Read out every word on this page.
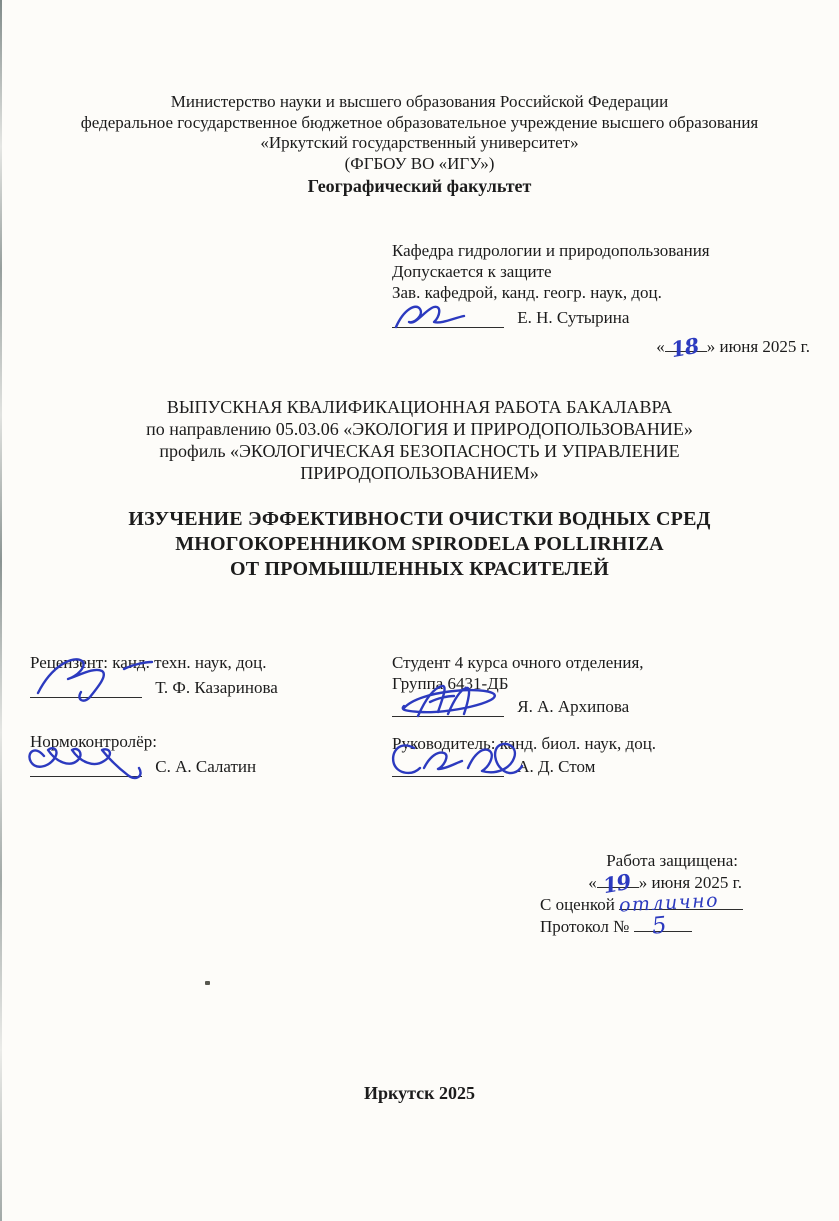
Министерство науки и высшего образования Российской Федерации
федеральное государственное бюджетное образовательное учреждение высшего образования
«Иркутский государственный университет»
(ФГБОУ ВО «ИГУ»)
Географический факультет
Кафедра гидрологии и природопользования
Допускается к защите
Зав. кафедрой, канд. геогр. наук, доц.
Е. Н. Сутырина
« 18 » июня 2025 г.
ВЫПУСКНАЯ КВАЛИФИКАЦИОННАЯ РАБОТА БАКАЛАВРА
по направлению 05.03.06 «ЭКОЛОГИЯ И ПРИРОДОПОЛЬЗОВАНИЕ»
профиль «ЭКОЛОГИЧЕСКАЯ БЕЗОПАСНОСТЬ И УПРАВЛЕНИЕ
ПРИРОДОПОЛЬЗОВАНИЕМ»
ИЗУЧЕНИЕ ЭФФЕКТИВНОСТИ ОЧИСТКИ ВОДНЫХ СРЕД
МНОГОКОРЕННИКОМ SPIRODELA POLLIRHIZA
ОТ ПРОМЫШЛЕННЫХ КРАСИТЕЛЕЙ
Рецензент: канд. техн. наук, доц.
Т. Ф. Казаринова
Нормоконтролёр:
С. А. Салатин
Студент 4 курса очного отделения,
Группа 6431-ДБ
Я. А. Архипова
Руководитель: канд. биол. наук, доц.
А. Д. Стом
Работа защищена:
« 19 » июня 2025 г.
С оценкой отлично
Протокол № 5
Иркутск 2025
